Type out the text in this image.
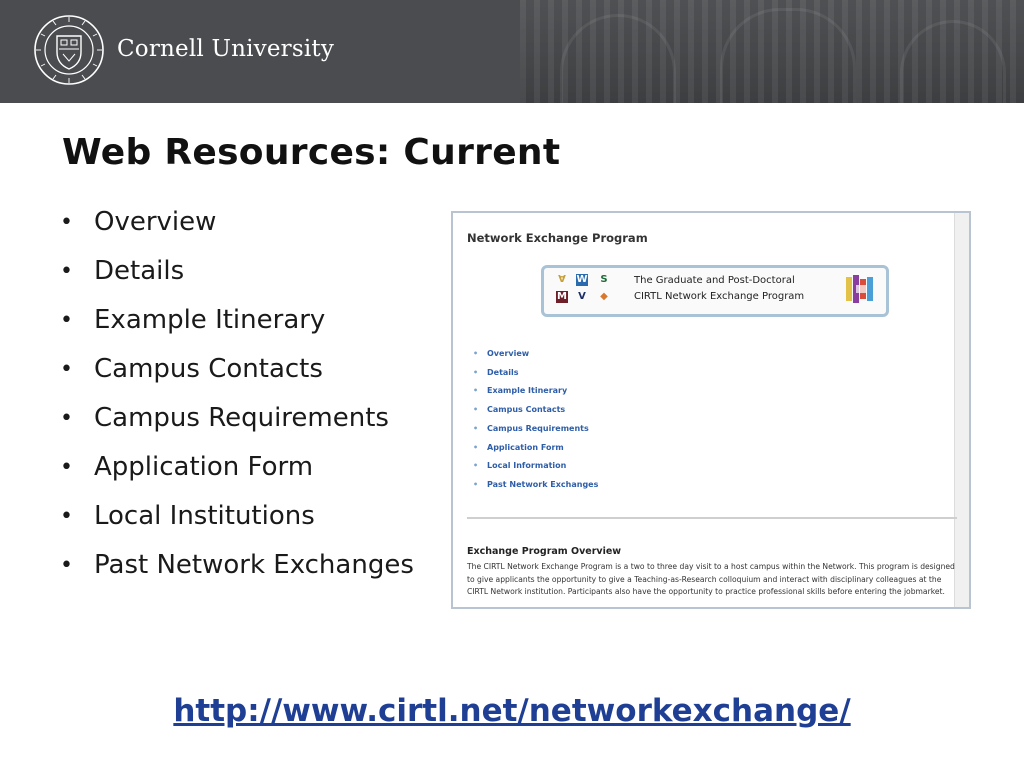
Cornell University
Web Resources: Current
• Overview
• Details
• Example Itinerary
• Campus Contacts
• Campus Requirements
• Application Form
• Local Institutions
• Past Network Exchanges
Network Exchange Program
Ɐ W S
M V ◆
The Graduate and Post-Doctoral
CIRTL Network Exchange Program
• Overview
• Details
• Example Itinerary
• Campus Contacts
• Campus Requirements
• Application Form
• Local Information
• Past Network Exchanges
Exchange Program Overview
The CIRTL Network Exchange Program is a two to three day visit to a host campus within the Network. This program is designed to give applicants the opportunity to give a Teaching-as-Research colloquium and interact with disciplinary colleagues at the CIRTL Network institution. Participants also have the opportunity to practice professional skills before entering the jobmarket.
http://www.cirtl.net/networkexchange/
